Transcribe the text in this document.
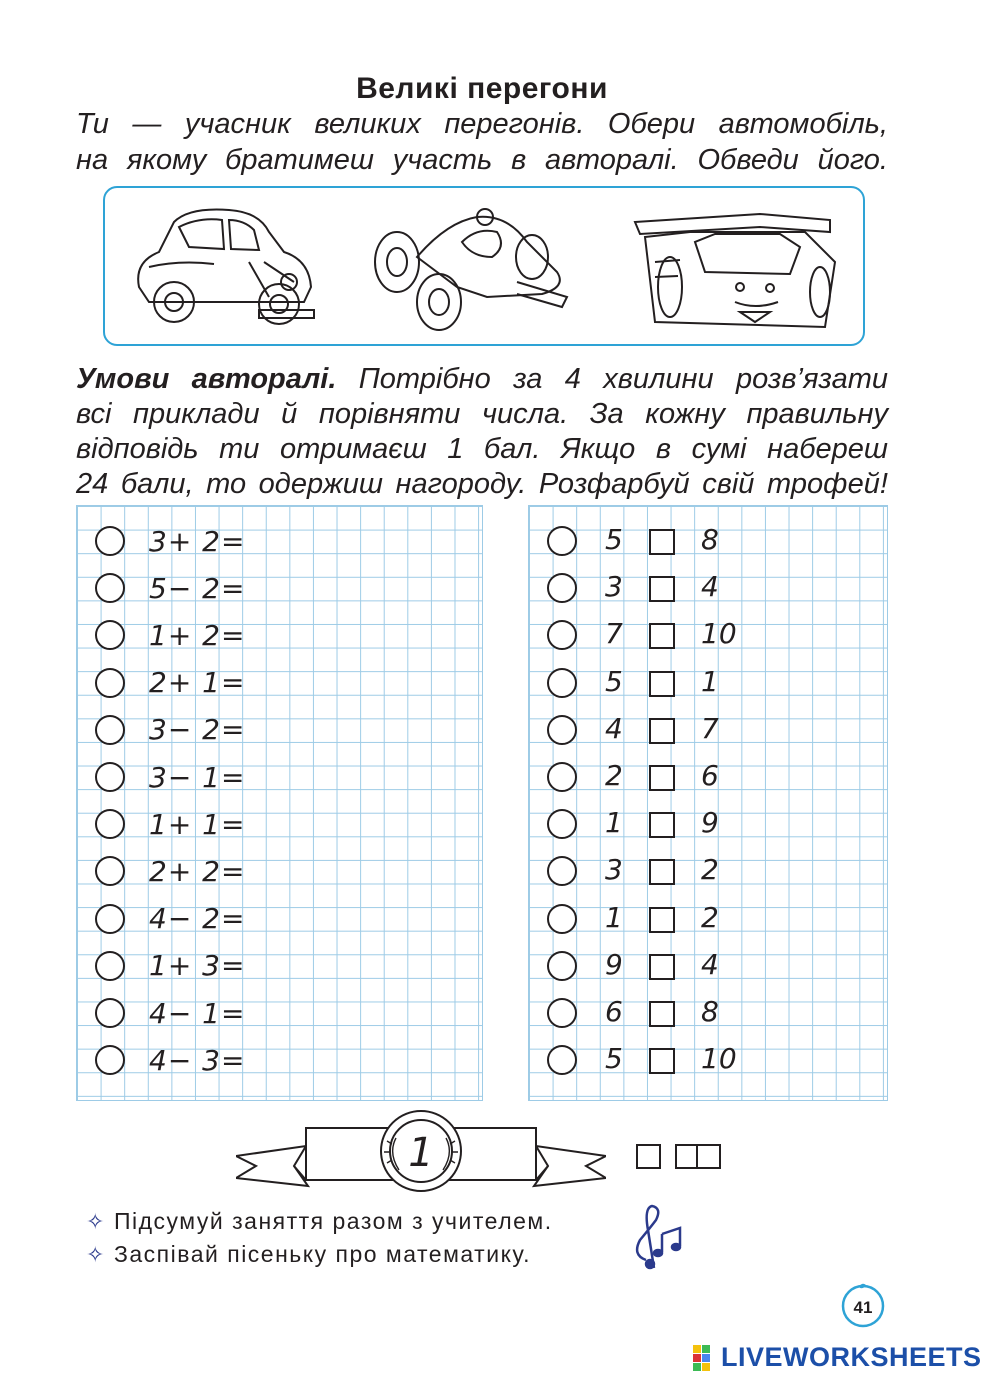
Великі перегони
Ти — учасник великих перегонів. Обери автомобіль,
на якому братимеш участь в авторалі. Обведи його.
Умови авторалі. Потрібно за 4 хвилини розв’язати
всі приклади й порівняти числа. За кожну правильну
відповідь ти отримаєш 1 бал. Якщо в сумі набереш
24 бали, то одержиш нагороду. Розфарбуй свій трофей!
3+ 2=
5− 2=
1+ 2=
2+ 1=
3− 2=
3− 1=
1+ 1=
2+ 2=
4− 2=
1+ 3=
4− 1=
4− 3=
5	8
3	4
7	10
5	1
4	7
2	6
1	9
3	2
1	2
9	4
6	8
5	10
1
✧ Підсумуй заняття разом з учителем.
✧ Заспівай пісеньку про математику.
41
LIVEWORKSHEETS
